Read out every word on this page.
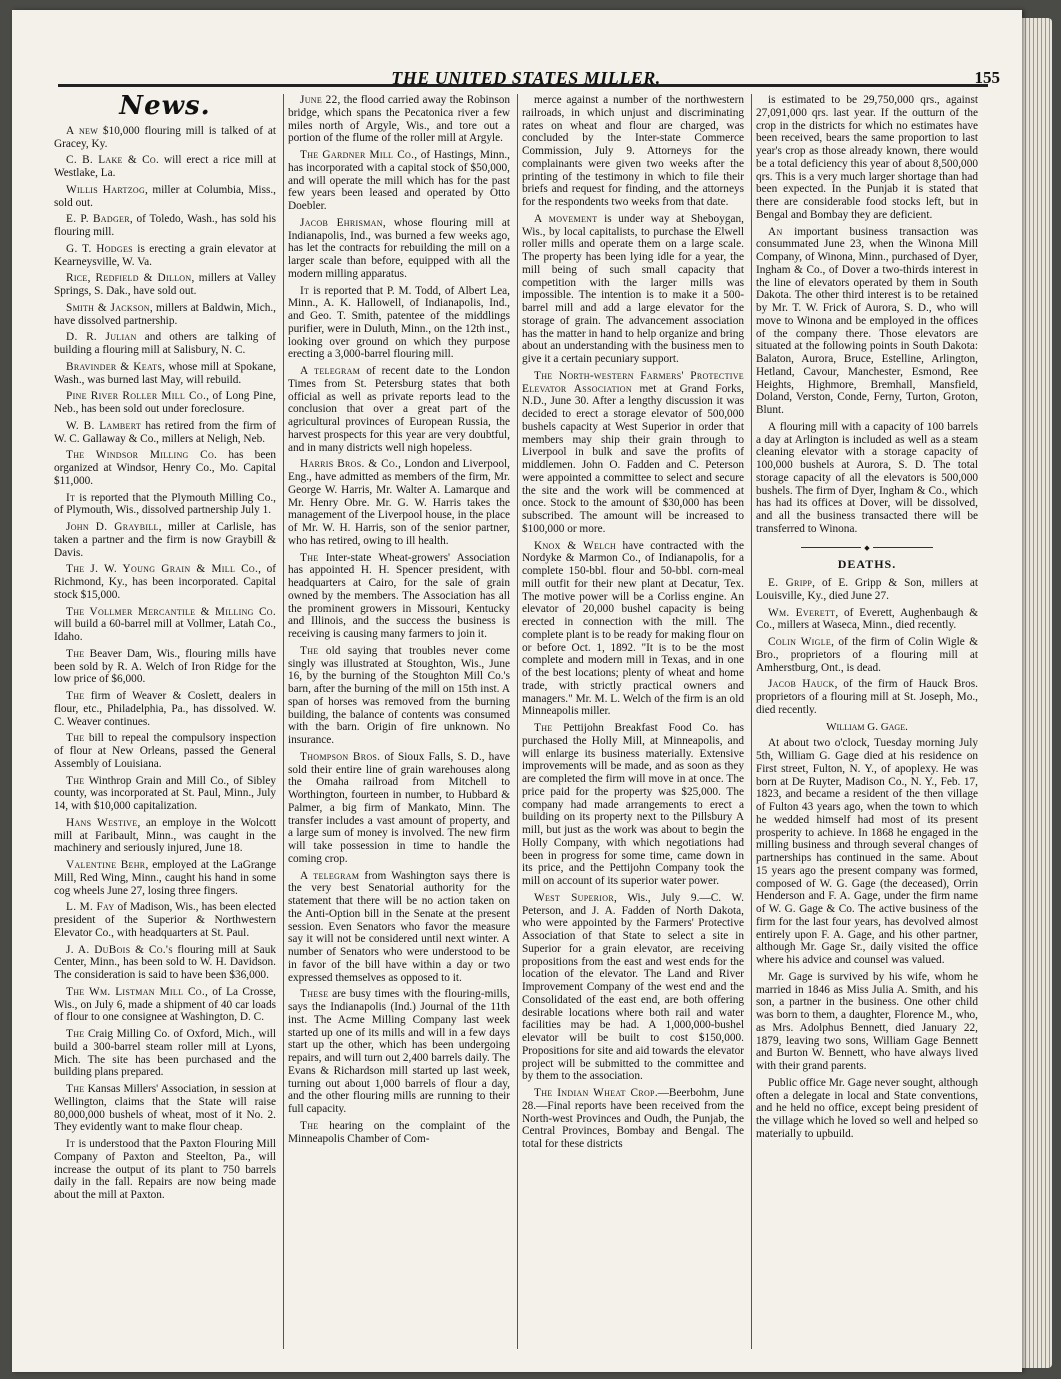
THE UNITED STATES MILLER.	155
News.

A new $10,000 flouring mill is talked of at Gracey, Ky.

C. B. Lake & Co. will erect a rice mill at Westlake, La.

Willis Hartzog, miller at Columbia, Miss., sold out.

E. P. Badger, of Toledo, Wash., has sold his flouring mill.

G. T. Hodges is erecting a grain elevator at Kearneysville, W. Va.

Rice, Redfield & Dillon, millers at Valley Springs, S. Dak., have sold out.

Smith & Jackson, millers at Baldwin, Mich., have dissolved partnership.

D. R. Julian and others are talking of building a flouring mill at Salisbury, N. C.

Bravinder & Keats, whose mill at Spokane, Wash., was burned last May, will rebuild.

Pine River Roller Mill Co., of Long Pine, Neb., has been sold out under foreclosure.

W. B. Lambert has retired from the firm of W. C. Gallaway & Co., millers at Neligh, Neb.

The Windsor Milling Co. has been organized at Windsor, Henry Co., Mo. Capital $11,000.

It is reported that the Plymouth Milling Co., of Plymouth, Wis., dissolved partnership July 1.

John D. Graybill, miller at Carlisle, has taken a partner and the firm is now Graybill & Davis.

The J. W. Young Grain & Mill Co., of Richmond, Ky., has been incorporated. Capital stock $15,000.

The Vollmer Mercantile & Milling Co. will build a 60-barrel mill at Vollmer, Latah Co., Idaho.

The Beaver Dam, Wis., flouring mills have been sold by R. A. Welch of Iron Ridge for the low price of $6,000.

The firm of Weaver & Coslett, dealers in flour, etc., Philadelphia, Pa., has dissolved. W. C. Weaver continues.

The bill to repeal the compulsory inspection of flour at New Orleans, passed the General Assembly of Louisiana.

The Winthrop Grain and Mill Co., of Sibley county, was incorporated at St. Paul, Minn., July 14, with $10,000 capitalization.

Hans Westive, an employe in the Wolcott mill at Faribault, Minn., was caught in the machinery and seriously injured, June 18.

Valentine Behr, employed at the LaGrange Mill, Red Wing, Minn., caught his hand in some cog wheels June 27, losing three fingers.

L. M. Fay of Madison, Wis., has been elected president of the Superior & Northwestern Elevator Co., with headquarters at St. Paul.

J. A. DuBois & Co.'s flouring mill at Sauk Center, Minn., has been sold to W. H. Davidson. The consideration is said to have been $36,000.

The Wm. Listman Mill Co., of La Crosse, Wis., on July 6, made a shipment of 40 car loads of flour to one consignee at Washington, D. C.

The Craig Milling Co. of Oxford, Mich., will build a 300-barrel steam roller mill at Lyons, Mich. The site has been purchased and the building plans prepared.

The Kansas Millers' Association, in session at Wellington, claims that the State will raise 80,000,000 bushels of wheat, most of it No. 2. They evidently want to make flour cheap.

It is understood that the Paxton Flouring Mill Company of Paxton and Steelton, Pa., will increase the output of its plant to 750 barrels daily in the fall. Repairs are now being made about the mill at Paxton.

June 22, the flood carried away the Robinson bridge, which spans the Pecatonica river a few miles north of Argyle, Wis., and tore out a portion of the flume of the roller mill at Argyle.

The Gardner Mill Co., of Hastings, Minn., has incorporated with a capital stock of $50,000, and will operate the mill which has for the past few years been leased and operated by Otto Doebler.

Jacob Ehrisman, whose flouring mill at Indianapolis, Ind., was burned a few weeks ago, has let the contracts for rebuilding the mill on a larger scale than before, equipped with all the modern milling apparatus.

It is reported that P. M. Todd, of Albert Lea, Minn., A. K. Hallowell, of Indianapolis, Ind., and Geo. T. Smith, patentee of the middlings purifier, were in Duluth, Minn., on the 12th inst., looking over ground on which they purpose erecting a 3,000-barrel flouring mill.

A telegram of recent date to the London Times from St. Petersburg states that both official as well as private reports lead to the conclusion that over a great part of the agricultural provinces of European Russia, the harvest prospects for this year are very doubtful, and in many districts well nigh hopeless.

Harris Bros. & Co., London and Liverpool, Eng., have admitted as members of the firm, Mr. George W. Harris, Mr. Walter A. Lamarque and Mr. Henry Obre. Mr. G. W. Harris takes the management of the Liverpool house, in the place of Mr. W. H. Harris, son of the senior partner, who has retired, owing to ill health.

The Inter-state Wheat-growers' Association has appointed H. H. Spencer president, with headquarters at Cairo, for the sale of grain owned by the members. The Association has all the prominent growers in Missouri, Kentucky and Illinois, and the success the business is receiving is causing many farmers to join it.

The old saying that troubles never come singly was illustrated at Stoughton, Wis., June 16, by the burning of the Stoughton Mill Co.'s barn, after the burning of the mill on 15th inst. A span of horses was removed from the burning building, the balance of contents was consumed with the barn. Origin of fire unknown. No insurance.

Thompson Bros. of Sioux Falls, S. D., have sold their entire line of grain warehouses along the Omaha railroad from Mitchell to Worthington, fourteen in number, to Hubbard & Palmer, a big firm of Mankato, Minn. The transfer includes a vast amount of property, and a large sum of money is involved. The new firm will take possession in time to handle the coming crop.

A telegram from Washington says there is the very best Senatorial authority for the statement that there will be no action taken on the Anti-Option bill in the Senate at the present session. Even Senators who favor the measure say it will not be considered until next winter. A number of Senators who were understood to be in favor of the bill have within a day or two expressed themselves as opposed to it.

These are busy times with the flouring-mills, says the Indianapolis (Ind.) Journal of the 11th inst. The Acme Milling Company last week started up one of its mills and will in a few days start up the other, which has been undergoing repairs, and will turn out 2,400 barrels daily. The Evans & Richardson mill started up last week, turning out about 1,000 barrels of flour a day, and the other flouring mills are running to their full capacity.

The hearing on the complaint of the Minneapolis Chamber of Com-

merce against a number of the northwestern railroads, in which unjust and discriminating rates on wheat and flour are charged, was concluded by the Inter-state Commerce Commission, July 9. Attorneys for the complainants were given two weeks after the printing of the testimony in which to file their briefs and request for finding, and the attorneys for the respondents two weeks from that date.

A movement is under way at Sheboygan, Wis., by local capitalists, to purchase the Elwell roller mills and operate them on a large scale. The property has been lying idle for a year, the mill being of such small capacity that competition with the larger mills was impossible. The intention is to make it a 500-barrel mill and add a large elevator for the storage of grain. The advancement association has the matter in hand to help organize and bring about an understanding with the business men to give it a certain pecuniary support.

The North-western Farmers' Protective Elevator Association met at Grand Forks, N.D., June 30. After a lengthy discussion it was decided to erect a storage elevator of 500,000 bushels capacity at West Superior in order that members may ship their grain through to Liverpool in bulk and save the profits of middlemen. John O. Fadden and C. Peterson were appointed a committee to select and secure the site and the work will be commenced at once. Stock to the amount of $30,000 has been subscribed. The amount will be increased to $100,000 or more.

Knox & Welch have contracted with the Nordyke & Marmon Co., of Indianapolis, for a complete 150-bbl. flour and 50-bbl. corn-meal mill outfit for their new plant at Decatur, Tex. The motive power will be a Corliss engine. An elevator of 20,000 bushel capacity is being erected in connection with the mill. The complete plant is to be ready for making flour on or before Oct. 1, 1892. "It is to be the most complete and modern mill in Texas, and in one of the best locations; plenty of wheat and home trade, with strictly practical owners and managers." Mr. M. L. Welch of the firm is an old Minneapolis miller.

The Pettijohn Breakfast Food Co. has purchased the Holly Mill, at Minneapolis, and will enlarge its business materially. Extensive improvements will be made, and as soon as they are completed the firm will move in at once. The price paid for the property was $25,000. The company had made arrangements to erect a building on its property next to the Pillsbury A mill, but just as the work was about to begin the Holly Company, with which negotiations had been in progress for some time, came down in its price, and the Pettijohn Company took the mill on account of its superior water power.

West Superior, Wis., July 9.—C. W. Peterson, and J. A. Fadden of North Dakota, who were appointed by the Farmers' Protective Association of that State to select a site in Superior for a grain elevator, are receiving propositions from the east and west ends for the location of the elevator. The Land and River Improvement Company of the west end and the Consolidated of the east end, are both offering desirable locations where both rail and water facilities may be had. A 1,000,000-bushel elevator will be built to cost $150,000. Propositions for site and aid towards the elevator project will be submitted to the committee and by them to the association.

The Indian Wheat Crop.—Beerbohm, June 28.—Final reports have been received from the North-west Provinces and Oudh, the Punjab, the Central Provinces, Bombay and Bengal. The total for these districts

is estimated to be 29,750,000 qrs., against 27,091,000 qrs. last year. If the outturn of the crop in the districts for which no estimates have been received, bears the same proportion to last year's crop as those already known, there would be a total deficiency this year of about 8,500,000 qrs. This is a very much larger shortage than had been expected. In the Punjab it is stated that there are considerable food stocks left, but in Bengal and Bombay they are deficient.

An important business transaction was consummated June 23, when the Winona Mill Company, of Winona, Minn., purchased of Dyer, Ingham & Co., of Dover a two-thirds interest in the line of elevators operated by them in South Dakota. The other third interest is to be retained by Mr. T. W. Frick of Aurora, S. D., who will move to Winona and be employed in the offices of the company there. Those elevators are situated at the following points in South Dakota: Balaton, Aurora, Bruce, Estelline, Arlington, Hetland, Cavour, Manchester, Esmond, Ree Heights, Highmore, Bremhall, Mansfield, Doland, Verston, Conde, Ferny, Turton, Groton, Blunt.

A flouring mill with a capacity of 100 barrels a day at Arlington is included as well as a steam cleaning elevator with a storage capacity of 100,000 bushels at Aurora, S. D. The total storage capacity of all the elevators is 500,000 bushels. The firm of Dyer, Ingham & Co., which has had its offices at Dover, will be dissolved, and all the business transacted there will be transferred to Winona.

◆
DEATHS.

E. Gripp, of E. Gripp & Son, millers at Louisville, Ky., died June 27.

Wm. Everett, of Everett, Aughenbaugh & Co., millers at Waseca, Minn., died recently.

Colin Wigle, of the firm of Colin Wigle & Bro., proprietors of a flouring mill at Amherstburg, Ont., is dead.

Jacob Hauck, of the firm of Hauck Bros. proprietors of a flouring mill at St. Joseph, Mo., died recently.

William G. Gage.

At about two o'clock, Tuesday morning July 5th, William G. Gage died at his residence on First street, Fulton, N. Y., of apoplexy. He was born at De Ruyter, Madison Co., N. Y., Feb. 17, 1823, and became a resident of the then village of Fulton 43 years ago, when the town to which he wedded himself had most of its present prosperity to achieve. In 1868 he engaged in the milling business and through several changes of partnerships has continued in the same. About 15 years ago the present company was formed, composed of W. G. Gage (the deceased), Orrin Henderson and F. A. Gage, under the firm name of W. G. Gage & Co. The active business of the firm for the last four years, has devolved almost entirely upon F. A. Gage, and his other partner, although Mr. Gage Sr., daily visited the office where his advice and counsel was valued.

Mr. Gage is survived by his wife, whom he married in 1846 as Miss Julia A. Smith, and his son, a partner in the business. One other child was born to them, a daughter, Florence M., who, as Mrs. Adolphus Bennett, died January 22, 1879, leaving two sons, William Gage Bennett and Burton W. Bennett, who have always lived with their grand parents.

Public office Mr. Gage never sought, although often a delegate in local and State conventions, and he held no office, except being president of the village which he loved so well and helped so materially to upbuild.
